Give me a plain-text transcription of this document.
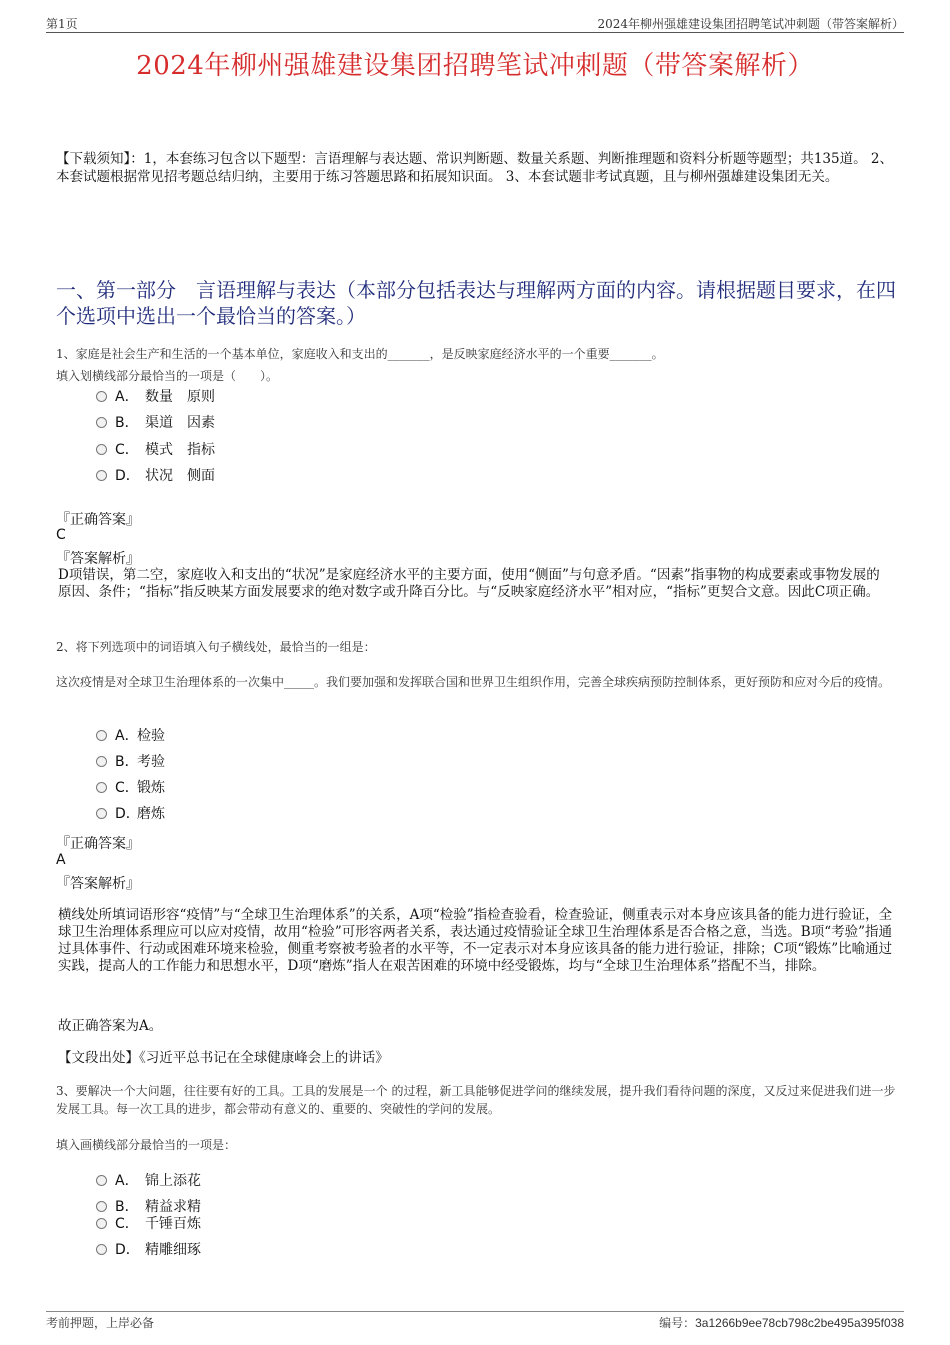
第1页	2024年柳州强雄建设集团招聘笔试冲刺题（带答案解析）
2024年柳州强雄建设集团招聘笔试冲刺题（带答案解析）
【下载须知】：1，本套练习包含以下题型：言语理解与表达题、常识判断题、数量关系题、判断推理题和资料分析题等题型；共135道。 2、本套试题根据常见招考题总结归纳，主要用于练习答题思路和拓展知识面。 3、本套试题非考试真题，且与柳州强雄建设集团无关。
一、第一部分　言语理解与表达（本部分包括表达与理解两方面的内容。请根据题目要求，在四个选项中选出一个最恰当的答案。）
1、家庭是社会生产和生活的一个基本单位，家庭收入和支出的_______，是反映家庭经济水平的一个重要_______。
填入划横线部分最恰当的一项是（　　）。
A． 数量　原则
B． 渠道　因素
C． 模式　指标
D． 状况　侧面
『正确答案』
C
『答案解析』
D项错误，第二空，家庭收入和支出的“状况”是家庭经济水平的主要方面，使用“侧面”与句意矛盾。“因素”指事物的构成要素或事物发展的原因、条件；“指标”指反映某方面发展要求的绝对数字或升降百分比。与“反映家庭经济水平”相对应，“指标”更契合文意。因此C项正确。
2、将下列选项中的词语填入句子横线处，最恰当的一组是：
这次疫情是对全球卫生治理体系的一次集中_____。我们要加强和发挥联合国和世界卫生组织作用，完善全球疾病预防控制体系，更好预防和应对今后的疫情。
A．检验
B．考验
C．锻炼
D．磨炼
『正确答案』
A
『答案解析』
横线处所填词语形容“疫情”与“全球卫生治理体系”的关系，A项“检验”指检查验看，检查验证，侧重表示对本身应该具备的能力进行验证，全球卫生治理体系理应可以应对疫情，故用“检验”可形容两者关系，表达通过疫情验证全球卫生治理体系是否合格之意，当选。B项“考验”指通过具体事件、行动或困难环境来检验，侧重考察被考验者的水平等，不一定表示对本身应该具备的能力进行验证，排除；C项“锻炼”比喻通过实践，提高人的工作能力和思想水平，D项“磨炼”指人在艰苦困难的环境中经受锻炼，均与“全球卫生治理体系”搭配不当，排除。
故正确答案为A。
【文段出处】《习近平总书记在全球健康峰会上的讲话》
3、要解决一个大问题，往往要有好的工具。工具的发展是一个 的过程，新工具能够促进学问的继续发展，提升我们看待问题的深度，又反过来促进我们进一步发展工具。每一次工具的进步，都会带动有意义的、重要的、突破性的学问的发展。
填入画横线部分最恰当的一项是：
A． 锦上添花
B． 精益求精
C． 千锤百炼
D． 精雕细琢
考前押题，上岸必备	编号：3a1266b9ee78cb798c2be495a395f038
